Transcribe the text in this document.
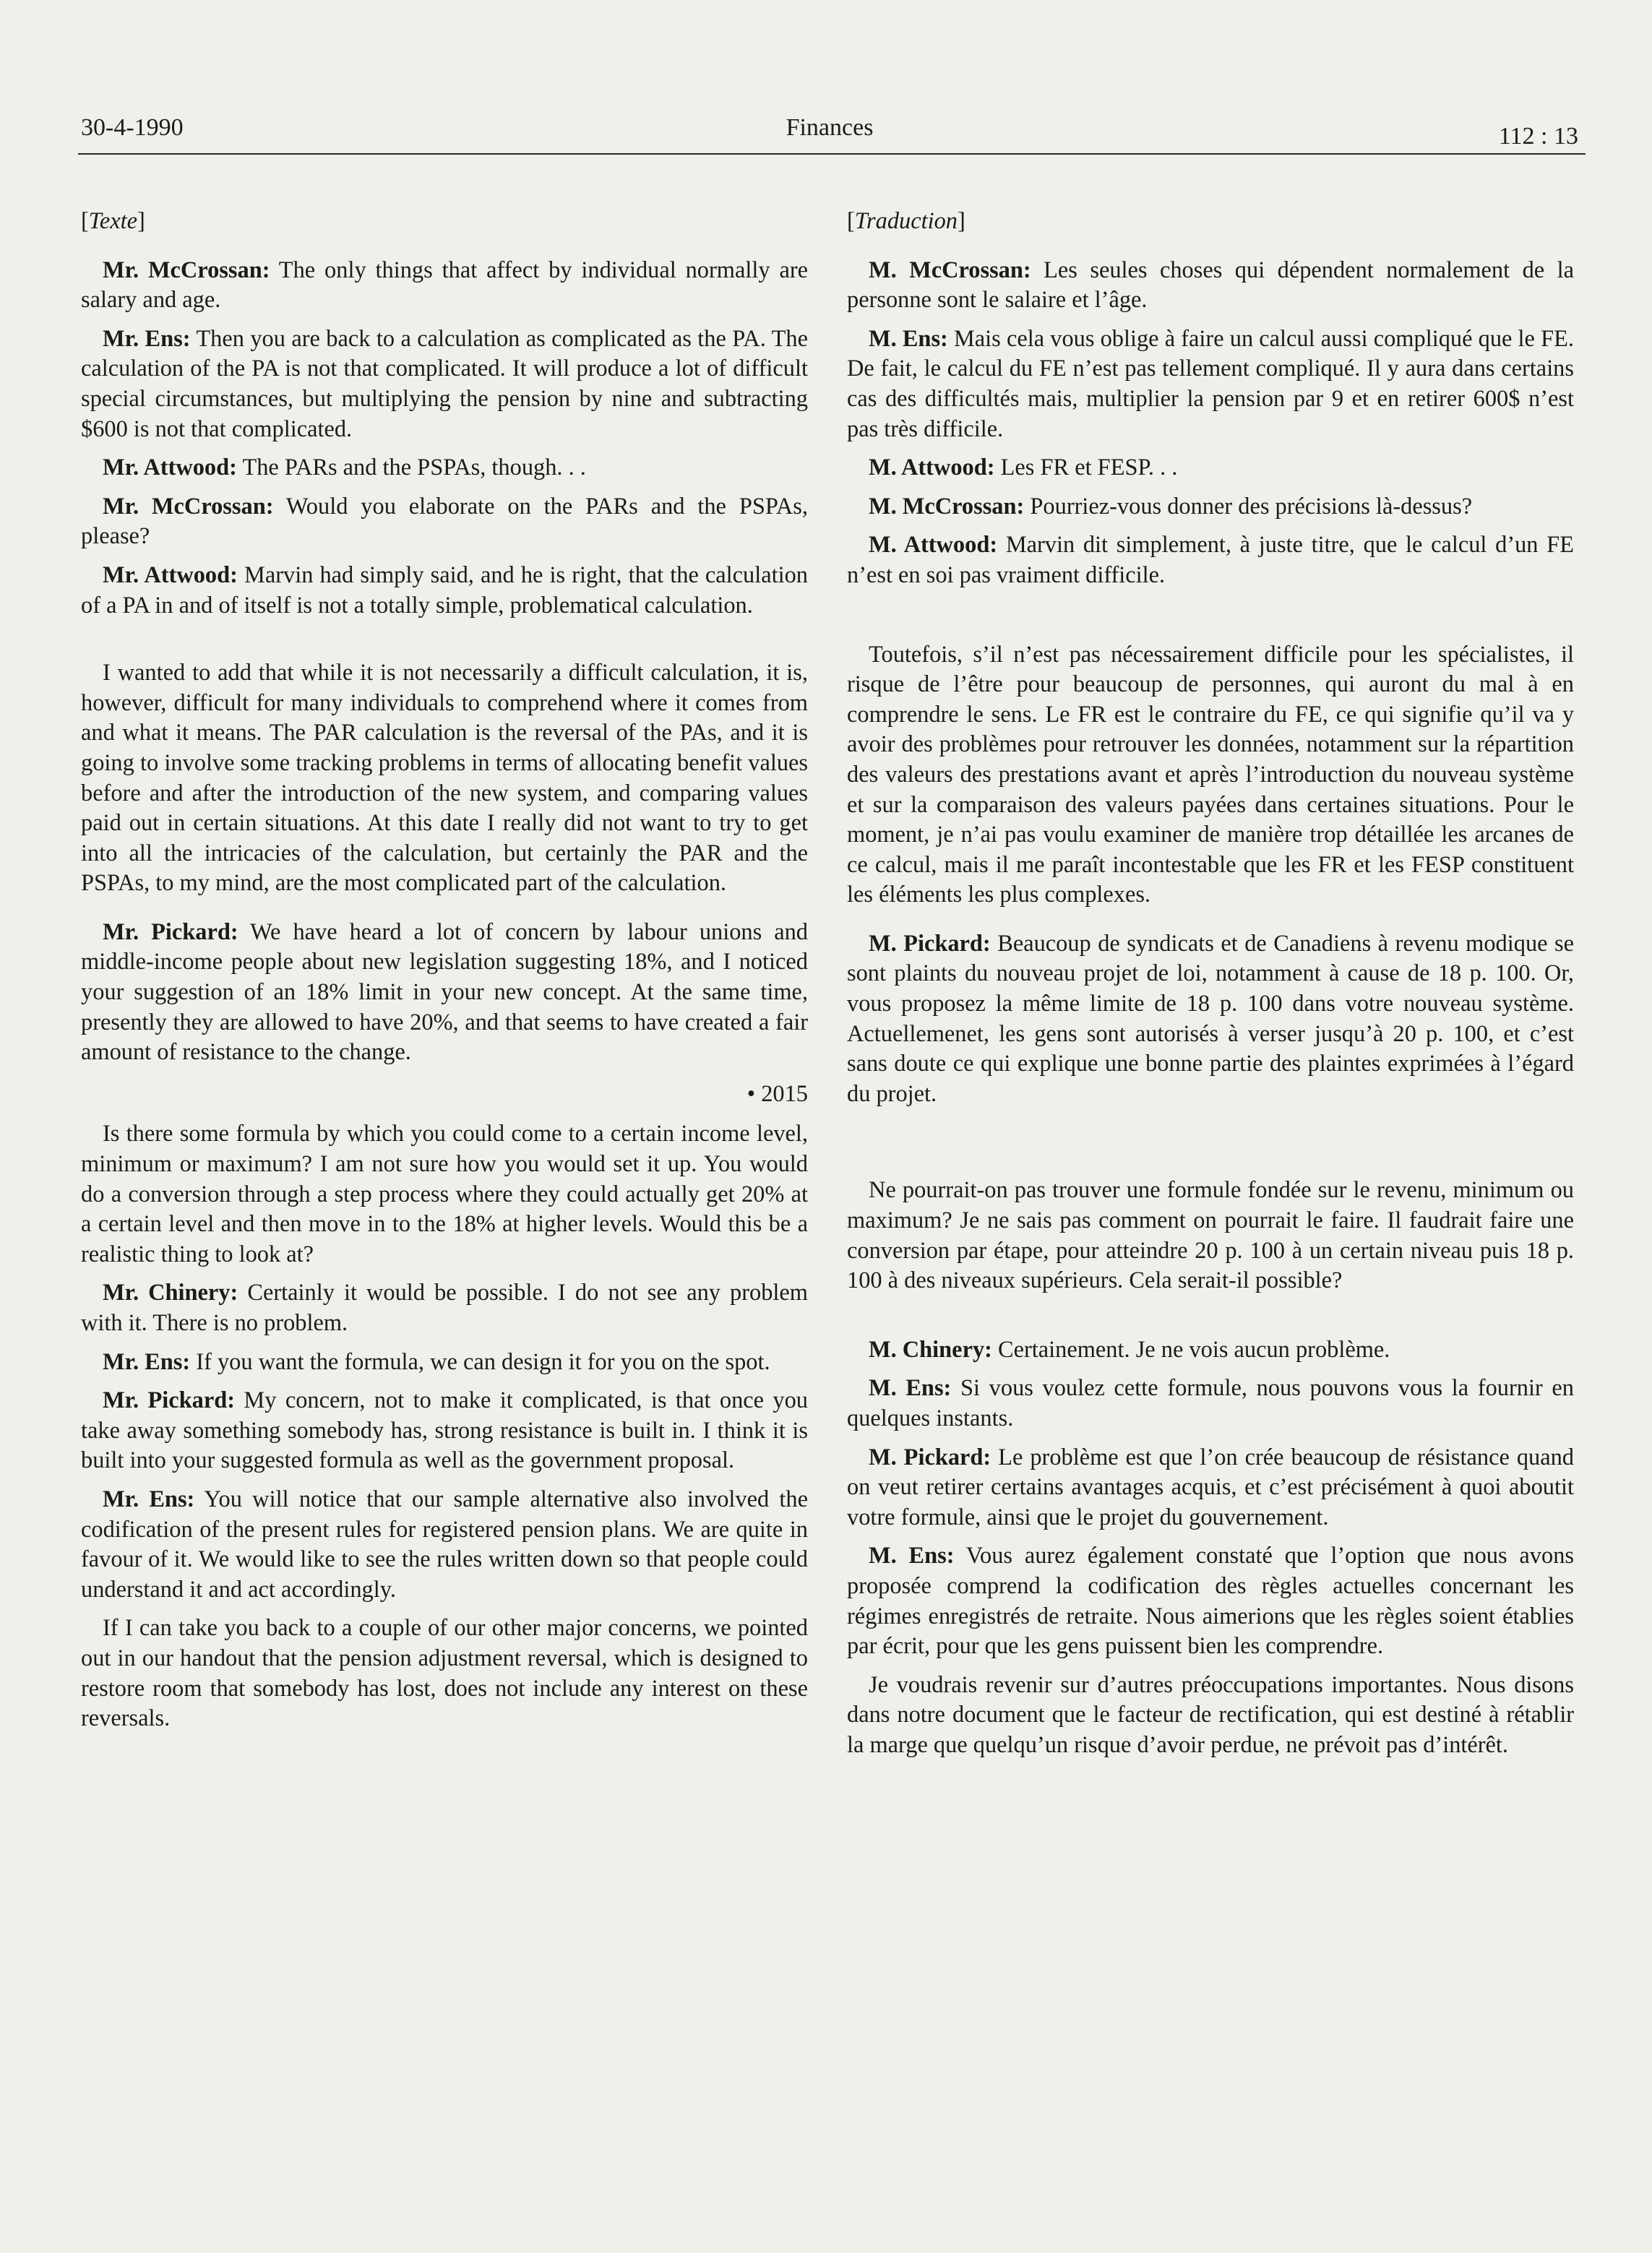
30-4-1990	Finances	112 : 13
[Texte]

Mr. McCrossan: The only things that affect by individual normally are salary and age.

Mr. Ens: Then you are back to a calculation as complicated as the PA. The calculation of the PA is not that complicated. It will produce a lot of difficult special circumstances, but multiplying the pension by nine and subtracting $600 is not that complicated.

Mr. Attwood: The PARs and the PSPAs, though. . .

Mr. McCrossan: Would you elaborate on the PARs and the PSPAs, please?

Mr. Attwood: Marvin had simply said, and he is right, that the calculation of a PA in and of itself is not a totally simple, problematical calculation.

I wanted to add that while it is not necessarily a difficult calculation, it is, however, difficult for many individuals to comprehend where it comes from and what it means. The PAR calculation is the reversal of the PAs, and it is going to involve some tracking problems in terms of allocating benefit values before and after the introduction of the new system, and comparing values paid out in certain situations. At this date I really did not want to try to get into all the intricacies of the calculation, but certainly the PAR and the PSPAs, to my mind, are the most complicated part of the calculation.

Mr. Pickard: We have heard a lot of concern by labour unions and middle-income people about new legislation suggesting 18%, and I noticed your suggestion of an 18% limit in your new concept. At the same time, presently they are allowed to have 20%, and that seems to have created a fair amount of resistance to the change.

• 2015

Is there some formula by which you could come to a certain income level, minimum or maximum? I am not sure how you would set it up. You would do a conversion through a step process where they could actually get 20% at a certain level and then move in to the 18% at higher levels. Would this be a realistic thing to look at?

Mr. Chinery: Certainly it would be possible. I do not see any problem with it. There is no problem.

Mr. Ens: If you want the formula, we can design it for you on the spot.

Mr. Pickard: My concern, not to make it complicated, is that once you take away something somebody has, strong resistance is built in. I think it is built into your suggested formula as well as the government proposal.

Mr. Ens: You will notice that our sample alternative also involved the codification of the present rules for registered pension plans. We are quite in favour of it. We would like to see the rules written down so that people could understand it and act accordingly.

If I can take you back to a couple of our other major concerns, we pointed out in our handout that the pension adjustment reversal, which is designed to restore room that somebody has lost, does not include any interest on these reversals.

[Traduction]

M. McCrossan: Les seules choses qui dépendent normalement de la personne sont le salaire et l’âge.

M. Ens: Mais cela vous oblige à faire un calcul aussi compliqué que le FE. De fait, le calcul du FE n’est pas tellement compliqué. Il y aura dans certains cas des difficultés mais, multiplier la pension par 9 et en retirer 600$ n’est pas très difficile.

M. Attwood: Les FR et FESP. . .

M. McCrossan: Pourriez-vous donner des précisions là-dessus?

M. Attwood: Marvin dit simplement, à juste titre, que le calcul d’un FE n’est en soi pas vraiment difficile.

Toutefois, s’il n’est pas nécessairement difficile pour les spécialistes, il risque de l’être pour beaucoup de personnes, qui auront du mal à en comprendre le sens. Le FR est le contraire du FE, ce qui signifie qu’il va y avoir des problèmes pour retrouver les données, notamment sur la répartition des valeurs des prestations avant et après l’introduction du nouveau système et sur la comparaison des valeurs payées dans certaines situations. Pour le moment, je n’ai pas voulu examiner de manière trop détaillée les arcanes de ce calcul, mais il me paraît incontestable que les FR et les FESP constituent les éléments les plus complexes.

M. Pickard: Beaucoup de syndicats et de Canadiens à revenu modique se sont plaints du nouveau projet de loi, notamment à cause de 18 p. 100. Or, vous proposez la même limite de 18 p. 100 dans votre nouveau système. Actuellemenet, les gens sont autorisés à verser jusqu’à 20 p. 100, et c’est sans doute ce qui explique une bonne partie des plaintes exprimées à l’égard du projet.

Ne pourrait-on pas trouver une formule fondée sur le revenu, minimum ou maximum? Je ne sais pas comment on pourrait le faire. Il faudrait faire une conversion par étape, pour atteindre 20 p. 100 à un certain niveau puis 18 p. 100 à des niveaux supérieurs. Cela serait-il possible?

M. Chinery: Certainement. Je ne vois aucun problème.

M. Ens: Si vous voulez cette formule, nous pouvons vous la fournir en quelques instants.

M. Pickard: Le problème est que l’on crée beaucoup de résistance quand on veut retirer certains avantages acquis, et c’est précisément à quoi aboutit votre formule, ainsi que le projet du gouvernement.

M. Ens: Vous aurez également constaté que l’option que nous avons proposée comprend la codification des règles actuelles concernant les régimes enregistrés de retraite. Nous aimerions que les règles soient établies par écrit, pour que les gens puissent bien les comprendre.

Je voudrais revenir sur d’autres préoccupations importantes. Nous disons dans notre document que le facteur de rectification, qui est destiné à rétablir la marge que quelqu’un risque d’avoir perdue, ne prévoit pas d’intérêt.
